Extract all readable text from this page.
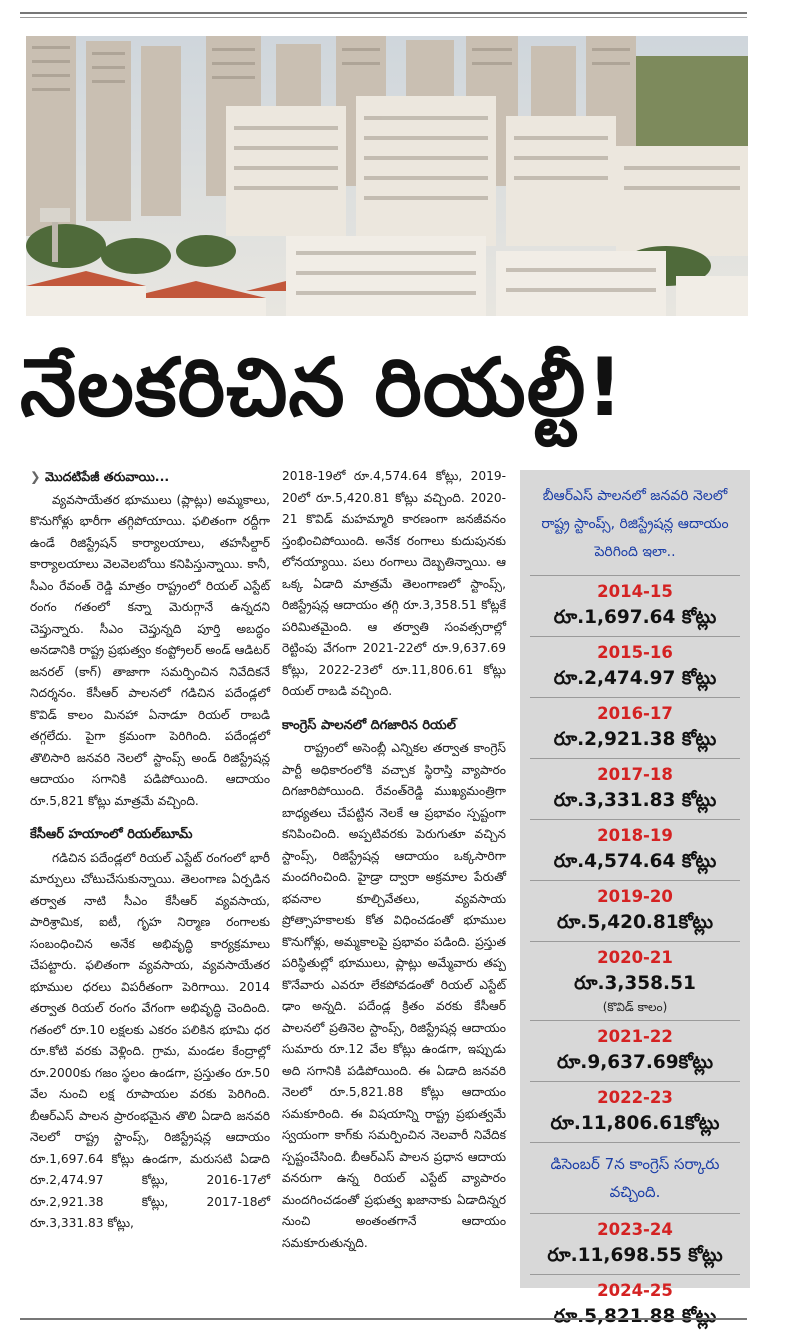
నేలకరిచిన రియల్టీ!
❯ మొదటిపేజీ తరువాయి...

వ్యవసాయేతర భూములు (ప్లాట్లు) అమ్మకాలు, కొనుగోళ్లు భారీగా తగ్గిపోయాయి. ఫలితంగా రద్దీగా ఉండే రిజిస్ట్రేషన్ కార్యాలయాలు, తహసీల్దార్ కార్యాలయాలు వెలవెలబోయి కనిపిస్తున్నాయి. కానీ, సీఎం రేవంత్ రెడ్డి మాత్రం రాష్ట్రంలో రియల్ ఎస్టేట్ రంగం గతంలో కన్నా మెరుగ్గానే ఉన్నదని చెప్తున్నారు. సీఎం చెప్తున్నది పూర్తి అబద్ధం అనడానికి రాష్ట్ర ప్రభుత్వం కంప్ట్రోలర్ అండ్ ఆడిటర్ జనరల్ (కాగ్) తాజాగా సమర్పించిన నివేదికనే నిదర్శనం. కేసీఆర్ పాలనలో గడిచిన పదేండ్లలో కొవిడ్ కాలం మినహా ఏనాడూ రియల్ రాబడి తగ్గలేదు. పైగా క్రమంగా పెరిగింది. పదేండ్లలో తొలిసారి జనవరి నెలలో స్టాంప్స్ అండ్ రిజిస్ట్రేషన్ల ఆదాయం సగానికి పడిపోయింది. ఆదాయం రూ.5,821 కోట్లు మాత్రమే వచ్చింది.

కేసీఆర్ హయాంలో రియల్‌బూమ్

గడిచిన పదేండ్లలో రియల్ ఎస్టేట్ రంగంలో భారీ మార్పులు చోటుచేసుకున్నాయి. తెలంగాణ ఏర్పడిన తర్వాత నాటి సీఎం కేసీఆర్ వ్యవసాయ, పారిశ్రామిక, ఐటీ, గృహ నిర్మాణ రంగాలకు సంబంధించిన అనేక అభివృద్ధి కార్యక్రమాలు చేపట్టారు. ఫలితంగా వ్యవసాయ, వ్యవసాయేతర భూముల ధరలు విపరీతంగా పెరిగాయి. 2014 తర్వాత రియల్ రంగం వేగంగా అభివృద్ధి చెందింది. గతంలో రూ.10 లక్షలకు ఎకరం పలికిన భూమి ధర రూ.కోటి వరకు వెళ్లింది. గ్రామ, మండల కేంద్రాల్లో రూ.2000కు గజం స్థలం ఉండగా, ప్రస్తుతం రూ.50 వేల నుంచి లక్ష రూపాయల వరకు పెరిగింది. బీఆర్ఎస్ పాలన ప్రారంభమైన తొలి ఏడాది జనవరి నెలలో రాష్ట్ర స్టాంప్స్, రిజిస్ట్రేషన్ల ఆదాయం రూ.1,697.64 కోట్లు ఉండగా, మరుసటి ఏడాది రూ.2,474.97 కోట్లు, 2016-17లో రూ.2,921.38 కోట్లు, 2017-18లో రూ.3,331.83 కోట్లు,

2018-19లో రూ.4,574.64 కోట్లు, 2019-20లో రూ.5,420.81 కోట్లు వచ్చింది. 2020-21 కొవిడ్ మహమ్మారి కారణంగా జనజీవనం స్తంభించిపోయింది. అనేక రంగాలు కుదుపునకు లోనయ్యాయి. పలు రంగాలు దెబ్బతిన్నాయి. ఆ ఒక్క ఏడాది మాత్రమే తెలంగాణలో స్టాంప్స్, రిజిస్ట్రేషన్ల ఆదాయం తగ్గి రూ.3,358.51 కోట్లకే పరిమితమైంది. ఆ తర్వాతి సంవత్సరాల్లో రెట్టింపు వేగంగా 2021-22లో రూ.9,637.69 కోట్లు, 2022-23లో రూ.11,806.61 కోట్లు రియల్ రాబడి వచ్చింది.

కాంగ్రెస్ పాలనలో దిగజారిన రియల్

రాష్ట్రంలో అసెంబ్లీ ఎన్నికల తర్వాత కాంగ్రెస్ పార్టీ అధికారంలోకి వచ్చాక స్థిరాస్తి వ్యాపారం దిగజారిపోయింది. రేవంత్‌రెడ్డి ముఖ్యమంత్రిగా బాధ్యతలు చేపట్టిన నెలకే ఆ ప్రభావం స్పష్టంగా కనిపించింది. అప్పటివరకు పెరుగుతూ వచ్చిన స్టాంప్స్, రిజిస్ట్రేషన్ల ఆదాయం ఒక్కసారిగా మందగించింది. హైడ్రా ద్వారా అక్రమాల పేరుతో భవనాల కూల్చివేతలు, వ్యవసాయ ప్రోత్సాహకాలకు కోత విధించడంతో భూముల కొనుగోళ్లు, అమ్మకాలపై ప్రభావం పడింది. ప్రస్తుత పరిస్థితుల్లో భూములు, ప్లాట్లు అమ్మేవారు తప్ప కొనేవారు ఎవరూ లేకపోవడంతో రియల్ ఎస్టేట్ ఢాం అన్నది. పదేండ్ల క్రితం వరకు కేసీఆర్ పాలనలో ప్రతినెల స్టాంప్స్, రిజిస్ట్రేషన్ల ఆదాయం సుమారు రూ.12 వేల కోట్లు ఉండగా, ఇప్పుడు అది సగానికి పడిపోయింది. ఈ ఏడాది జనవరి నెలలో రూ.5,821.88 కోట్లు ఆదాయం సమకూరింది. ఈ విషయాన్ని రాష్ట్ర ప్రభుత్వమే స్వయంగా కాగ్‌కు సమర్పించిన నెలవారీ నివేదిక స్పష్టంచేసింది. బీఆర్ఎస్ పాలన ప్రధాన ఆదాయ వనరుగా ఉన్న రియల్ ఎస్టేట్ వ్యాపారం మందగించడంతో ప్రభుత్వ ఖజానాకు ఏడాదిన్నర నుంచి అంతంతగానే ఆదాయం సమకూరుతున్నది.

బీఆర్ఎస్ పాలనలో జనవరి నెలలో రాష్ట్ర స్టాంప్స్, రిజిస్ట్రేషన్ల ఆదాయం పెరిగింది ఇలా..
2014-15
రూ.1,697.64 కోట్లు
2015-16
రూ.2,474.97 కోట్లు
2016-17
రూ.2,921.38 కోట్లు
2017-18
రూ.3,331.83 కోట్లు
2018-19
రూ.4,574.64 కోట్లు
2019-20
రూ.5,420.81కోట్లు
2020-21
రూ.3,358.51
(కొవిడ్ కాలం)
2021-22
రూ.9,637.69కోట్లు
2022-23
రూ.11,806.61కోట్లు
డిసెంబర్ 7న కాంగ్రెస్ సర్కారు వచ్చింది.
2023-24
రూ.11,698.55 కోట్లు
2024-25
రూ.5,821.88 కోట్లు
